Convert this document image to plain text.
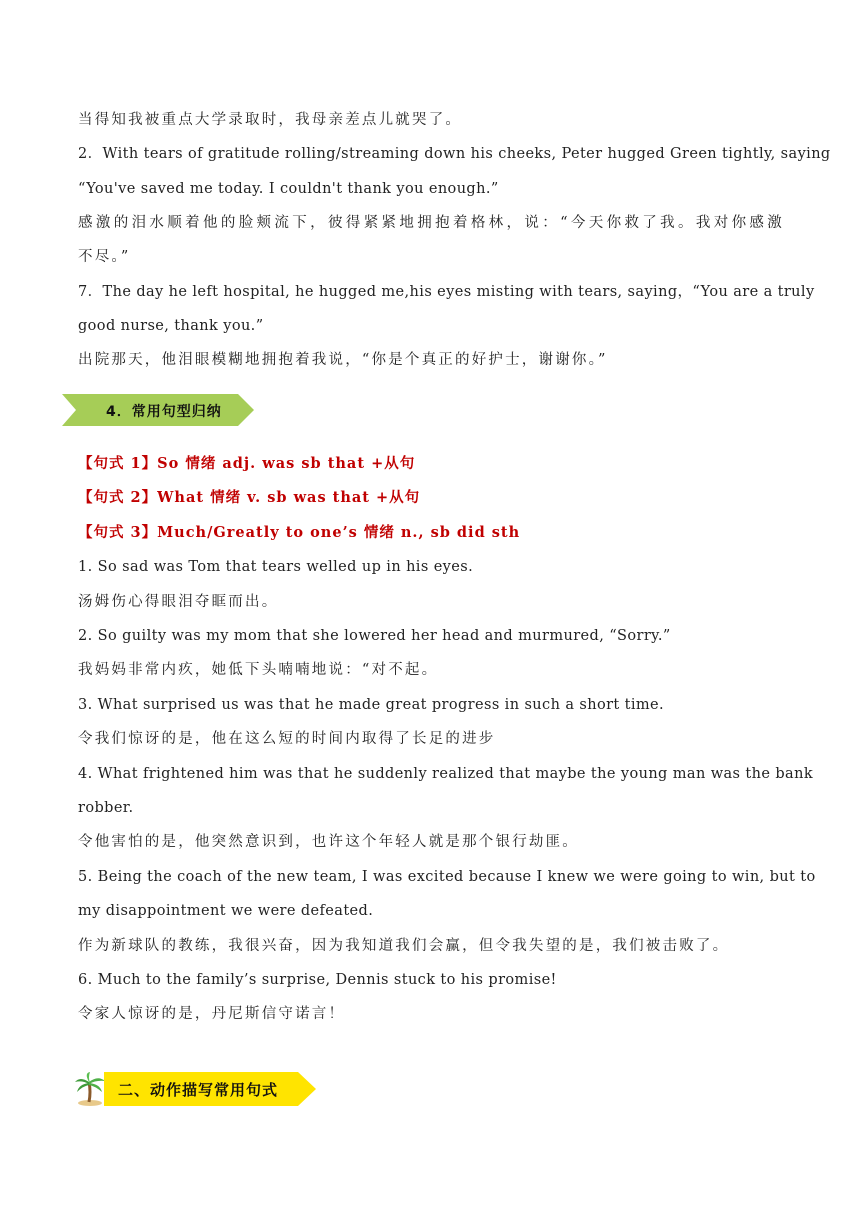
当得知我被重点大学录取时，我母亲差点儿就哭了。
2．With tears of gratitude rolling/streaming down his cheeks, Peter hugged Green tightly, saying
“You've saved me today. I couldn't thank you enough.”
感激的泪水顺着他的脸颊流下，彼得紧紧地拥抱着格林，说：“今天你救了我。我对你感激
不尽。”
7．The day he left hospital, he hugged me,his eyes misting with tears, saying，“You are a truly
good nurse, thank you.”
出院那天，他泪眼模糊地拥抱着我说，“你是个真正的好护士，谢谢你。”
4．常用句型归纳
【句式 1】So 情绪 adj. was sb that +从句
【句式 2】What 情绪 v. sb was that +从句
【句式 3】Much/Greatly to one’s 情绪 n., sb did sth
1. So sad was Tom that tears welled up in his eyes.
汤姆伤心得眼泪夺眶而出。
2. So guilty was my mom that she lowered her head and murmured, “Sorry.”
我妈妈非常内疚，她低下头喃喃地说：“对不起。
3. What surprised us was that he made great progress in such a short time.
令我们惊讶的是，他在这么短的时间内取得了长足的进步
4. What frightened him was that he suddenly realized that maybe the young man was the bank
robber.
令他害怕的是，他突然意识到，也许这个年轻人就是那个银行劫匪。
5. Being the coach of the new team, I was excited because I knew we were going to win, but to
my disappointment we were defeated.
作为新球队的教练，我很兴奋，因为我知道我们会赢，但令我失望的是，我们被击败了。
6. Much to the family’s surprise, Dennis stuck to his promise!
令家人惊讶的是，丹尼斯信守诺言！
二、动作描写常用句式
